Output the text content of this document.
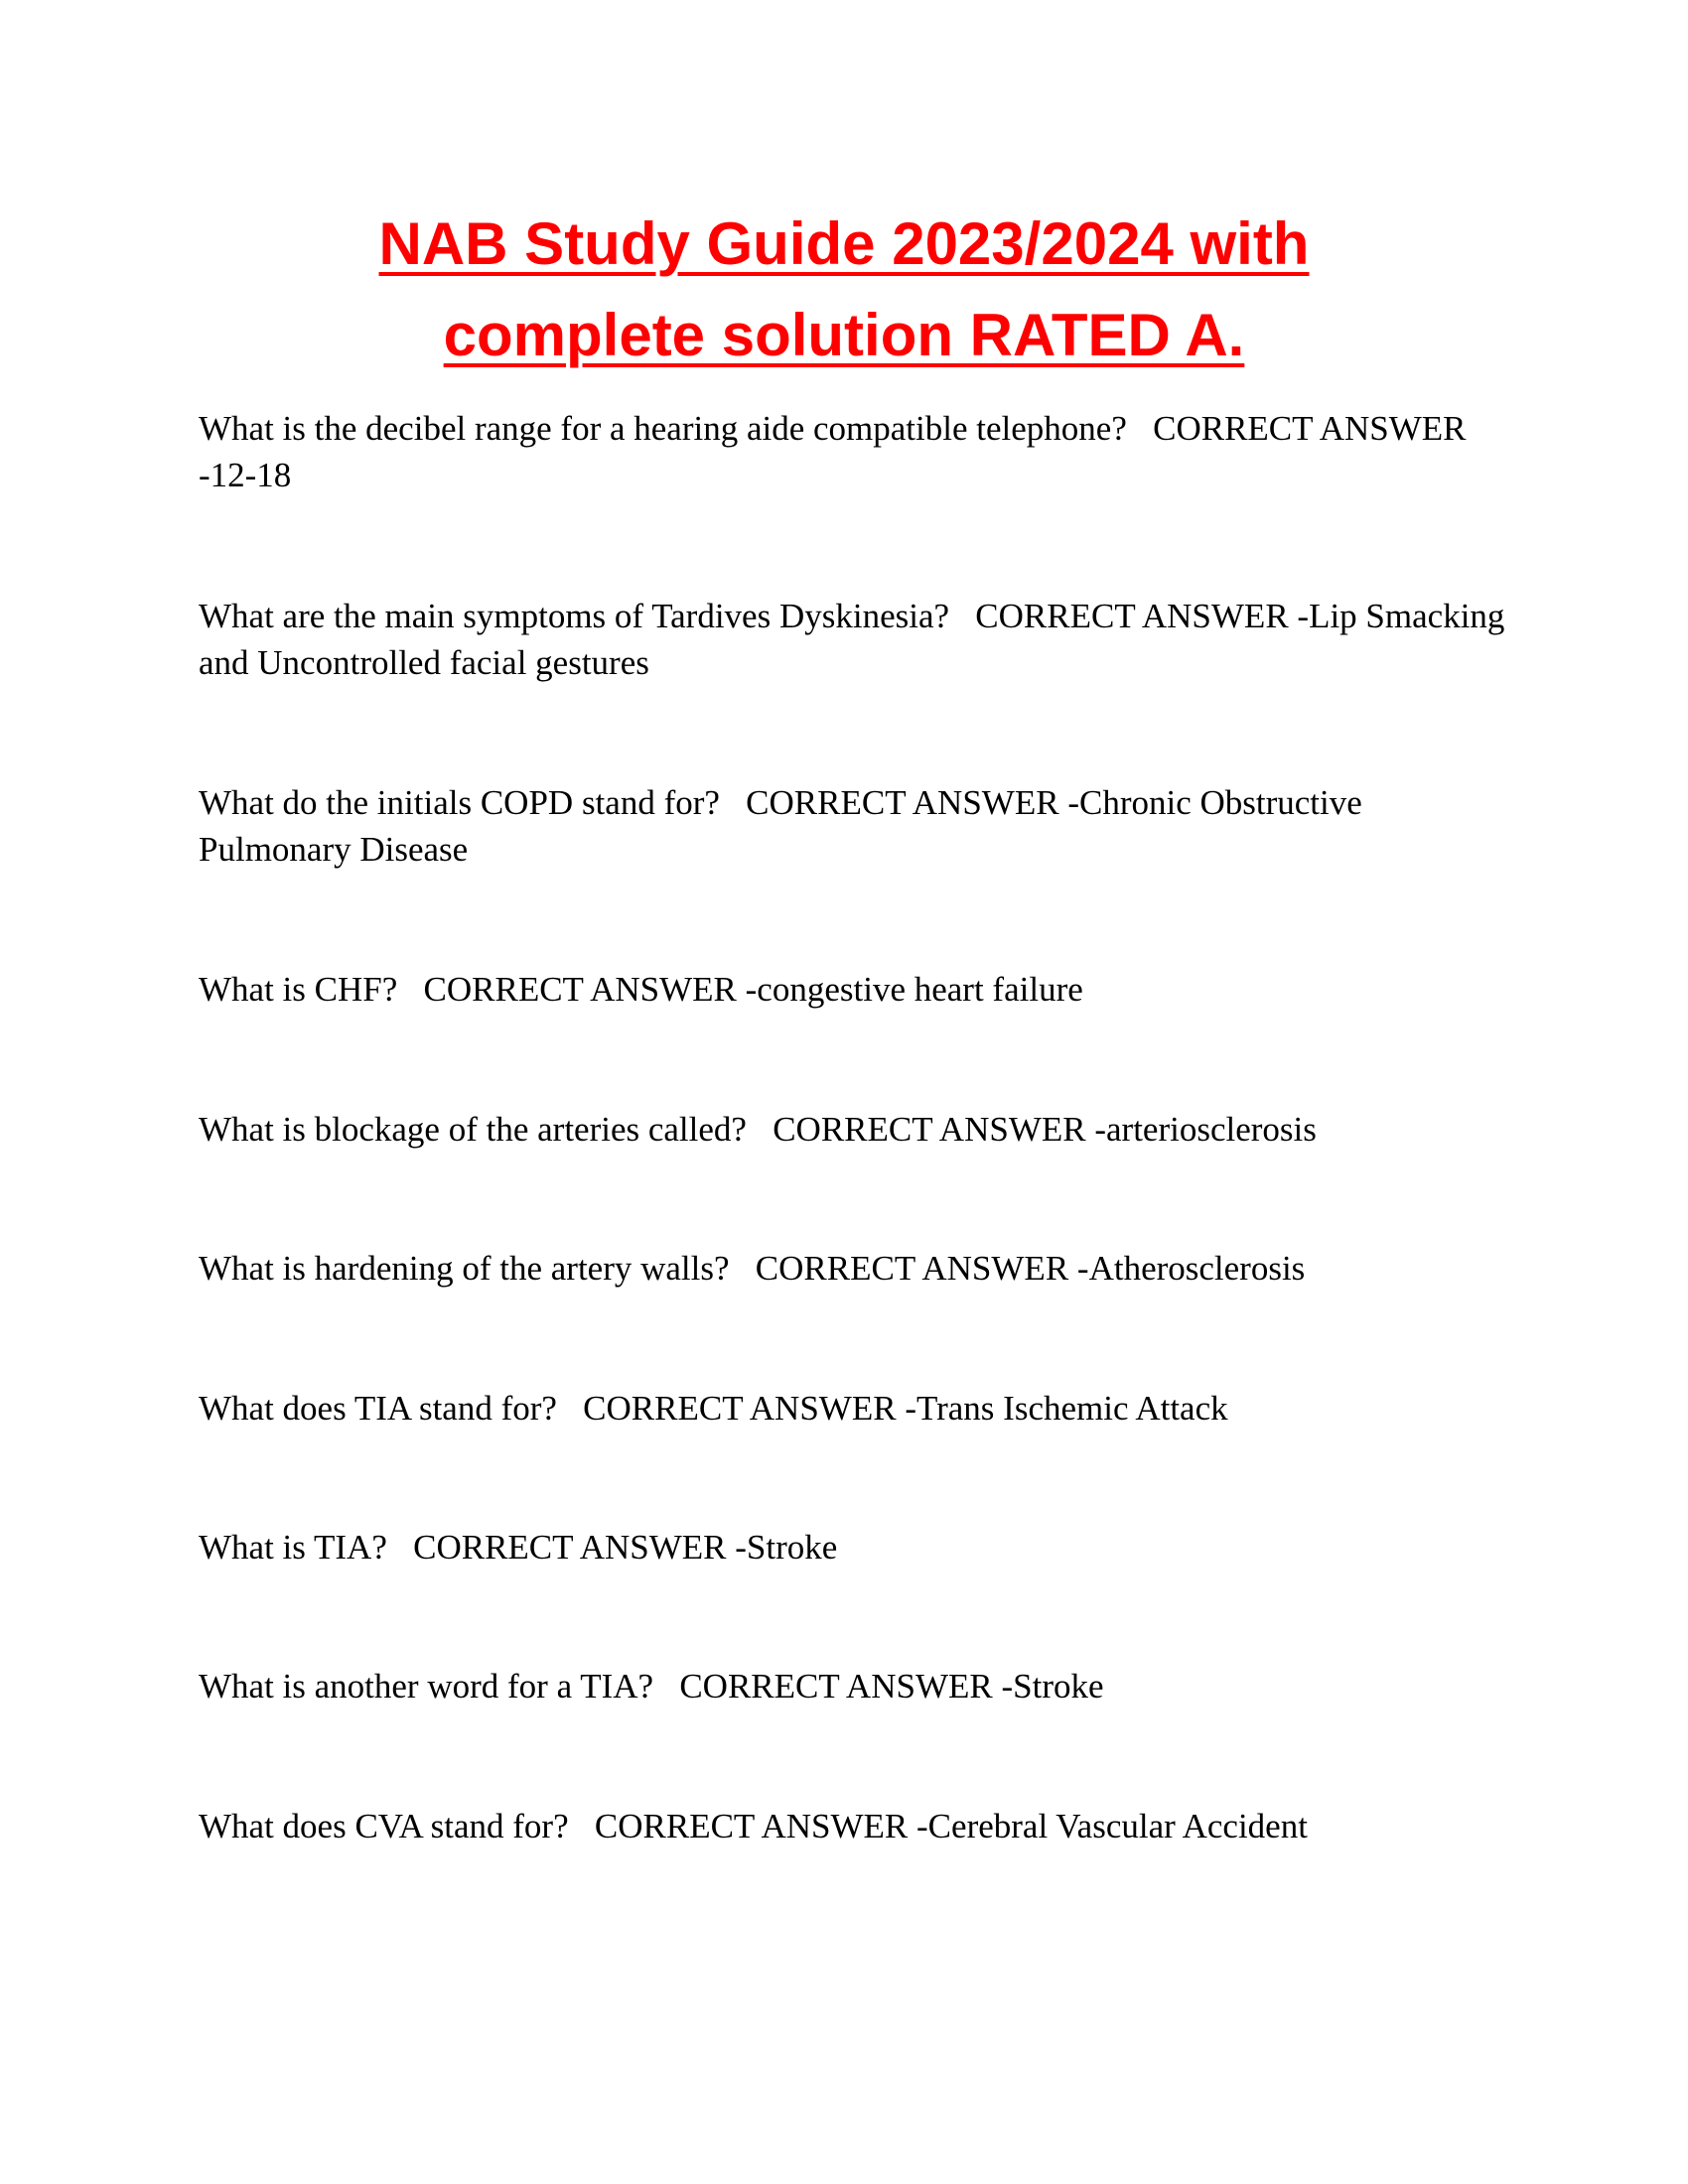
NAB Study Guide 2023/2024 with
complete solution RATED A.

What is the decibel range for a hearing aide compatible telephone? CORRECT ANSWER -12-18

What are the main symptoms of Tardives Dyskinesia? CORRECT ANSWER -Lip Smacking and Uncontrolled facial gestures

What do the initials COPD stand for? CORRECT ANSWER -Chronic Obstructive Pulmonary Disease

What is CHF? CORRECT ANSWER -congestive heart failure

What is blockage of the arteries called? CORRECT ANSWER -arteriosclerosis

What is hardening of the artery walls? CORRECT ANSWER -Atherosclerosis

What does TIA stand for? CORRECT ANSWER -Trans Ischemic Attack

What is TIA? CORRECT ANSWER -Stroke

What is another word for a TIA? CORRECT ANSWER -Stroke

What does CVA stand for? CORRECT ANSWER -Cerebral Vascular Accident
